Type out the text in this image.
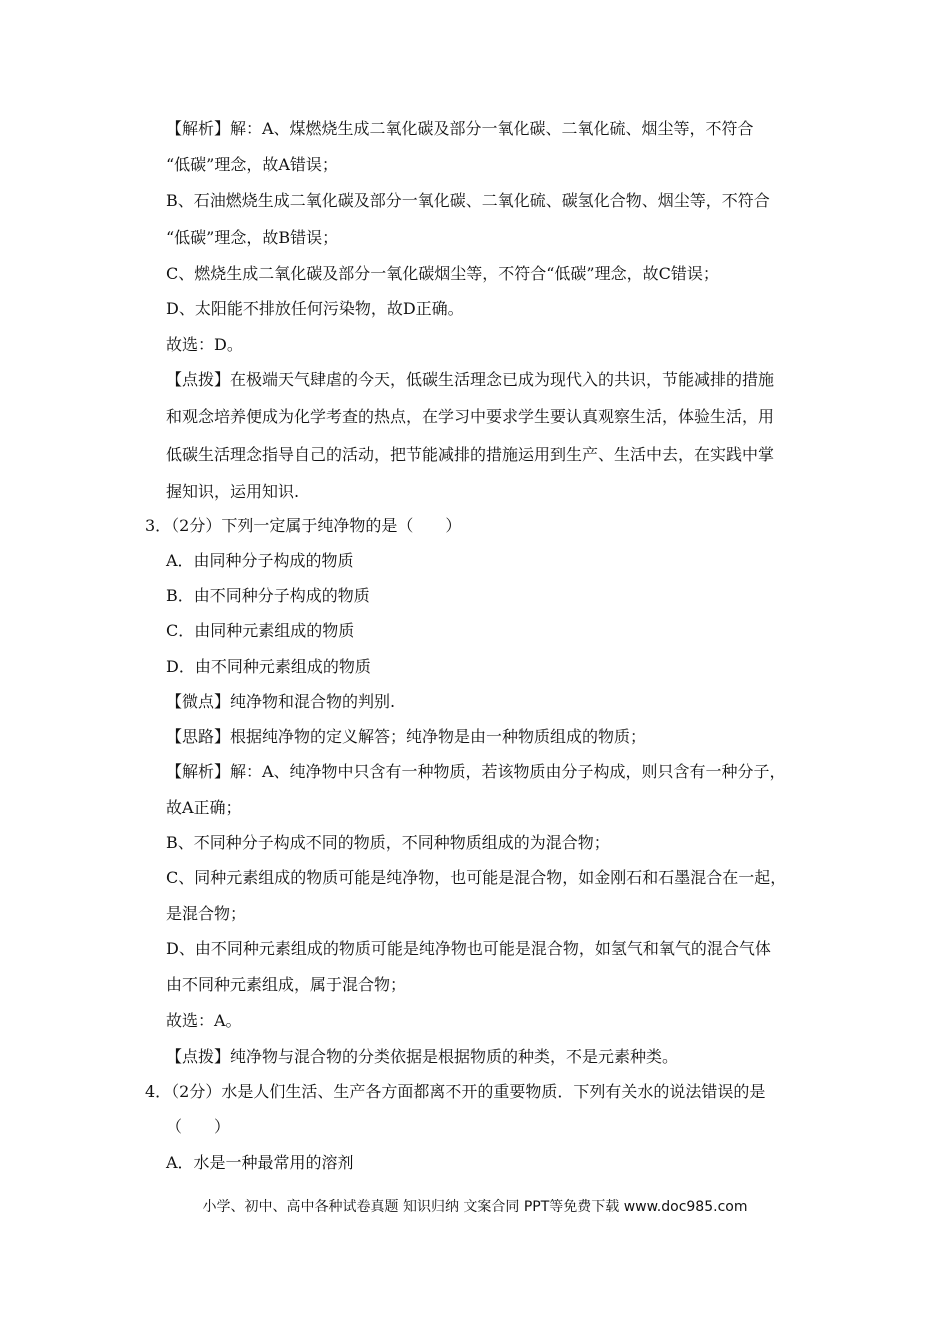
【解析】解：A、煤燃烧生成二氧化碳及部分一氧化碳、二氧化硫、烟尘等，不符合
“低碳”理念，故A错误；
B、石油燃烧生成二氧化碳及部分一氧化碳、二氧化硫、碳氢化合物、烟尘等，不符合
“低碳”理念，故B错误；
C、燃烧生成二氧化碳及部分一氧化碳烟尘等，不符合“低碳”理念，故C错误；
D、太阳能不排放任何污染物，故D正确。
故选：D。
【点拨】在极端天气肆虐的今天，低碳生活理念已成为现代入的共识，节能减排的措施
和观念培养便成为化学考查的热点，在学习中要求学生要认真观察生活，体验生活，用
低碳生活理念指导自己的活动，把节能减排的措施运用到生产、生活中去，在实践中掌
握知识，运用知识.
3．（2分）下列一定属于纯净物的是（　　）
A．由同种分子构成的物质
B．由不同种分子构成的物质
C．由同种元素组成的物质
D．由不同种元素组成的物质
【微点】纯净物和混合物的判别.
【思路】根据纯净物的定义解答；纯净物是由一种物质组成的物质；
【解析】解：A、纯净物中只含有一种物质，若该物质由分子构成，则只含有一种分子，
故A正确；
B、不同种分子构成不同的物质，不同种物质组成的为混合物；
C、同种元素组成的物质可能是纯净物，也可能是混合物，如金刚石和石墨混合在一起，
是混合物；
D、由不同种元素组成的物质可能是纯净物也可能是混合物，如氢气和氧气的混合气体
由不同种元素组成，属于混合物；
故选：A。
【点拨】纯净物与混合物的分类依据是根据物质的种类，不是元素种类。
4．（2分）水是人们生活、生产各方面都离不开的重要物质．下列有关水的说法错误的是
（　　）
A．水是一种最常用的溶剂
小学、初中、高中各种试卷真题 知识归纳 文案合同 PPT等免费下载 www.doc985.com
